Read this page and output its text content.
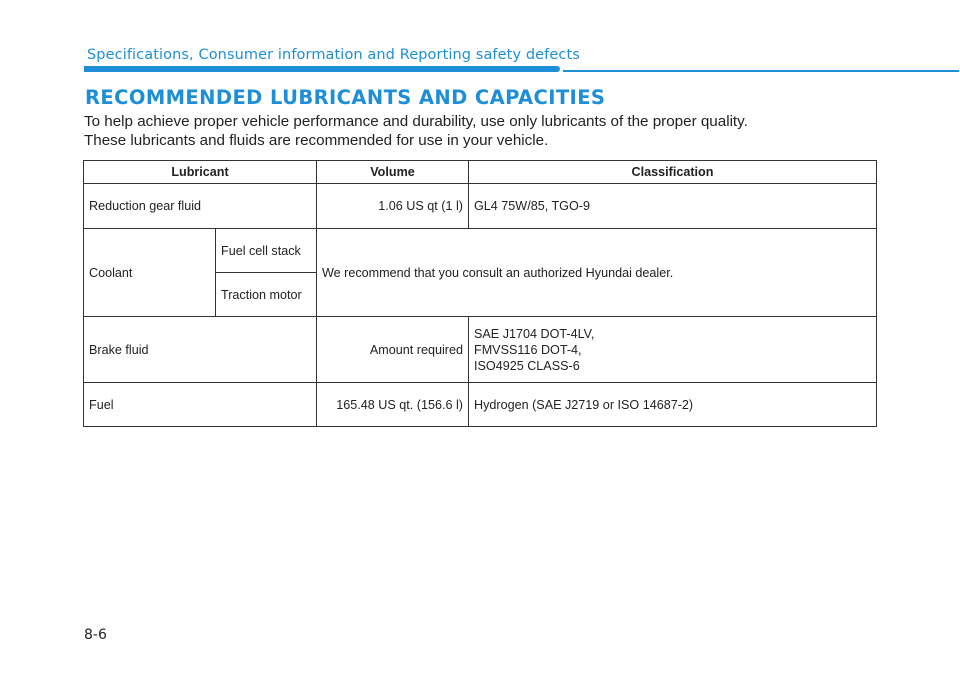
Specifications, Consumer information and Reporting safety defects
RECOMMENDED LUBRICANTS AND CAPACITIES
To help achieve proper vehicle performance and durability, use only lubricants of the proper quality.
These lubricants and fluids are recommended for use in your vehicle.
Lubricant		Volume	Classification
Reduction gear fluid		1.06 US qt (1 l)	GL4 75W/85, TGO-9
Coolant	Fuel cell stack	We recommend that you consult an authorized Hyundai dealer.	
	Traction motor		
Brake fluid		Amount required	SAE J1704 DOT-4LV,
FMVSS116 DOT-4,
ISO4925 CLASS-6

Fuel		165.48 US qt. (156.6 l)	Hydrogen (SAE J2719 or ISO 14687-2)
8-6
